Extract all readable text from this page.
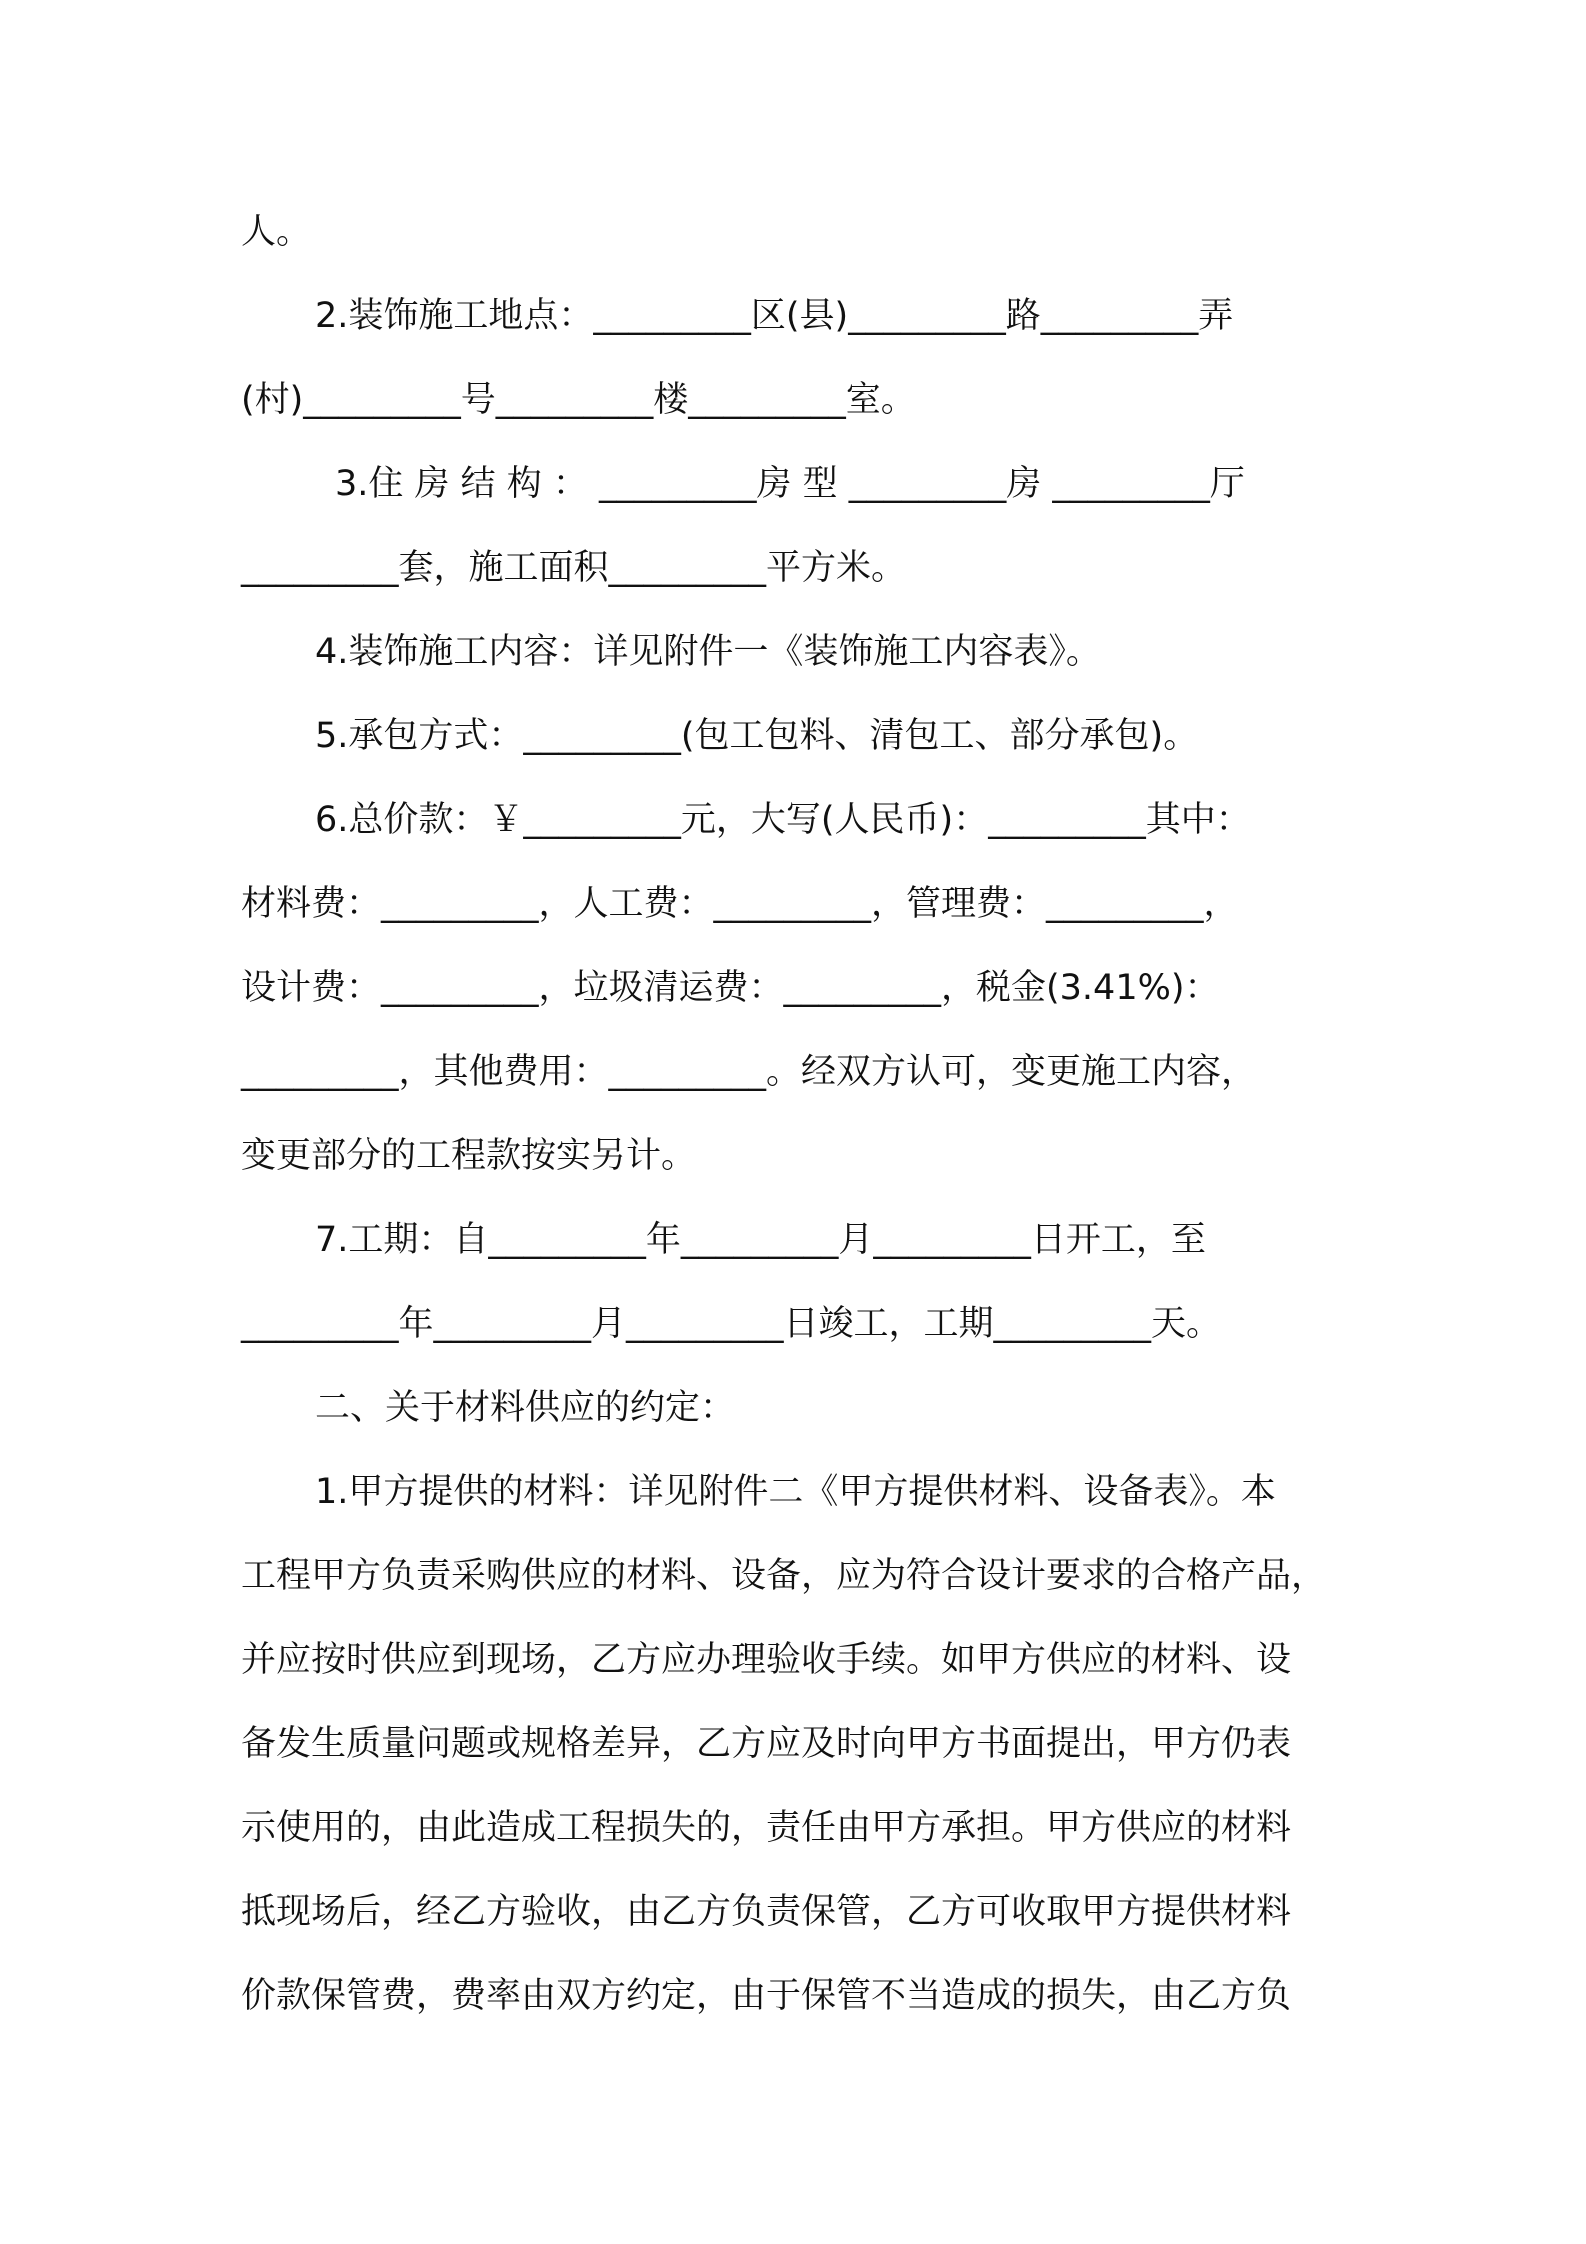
人。
2.装饰施工地点：_________区(县)_________路_________弄
(村)_________号_________楼_________室。
3.住 房 结 构 ： _________房 型 _________房 _________厅
_________套，施工面积_________平方米。
4.装饰施工内容：详见附件一《装饰施工内容表》。
5.承包方式：_________(包工包料、清包工、部分承包)。
6.总价款：￥_________元，大写(人民币)：_________其中：
材料费：_________，人工费：_________，管理费：_________，
设计费：_________，垃圾清运费：_________，税金(3.41%)：
_________，其他费用：_________。经双方认可，变更施工内容，
变更部分的工程款按实另计。
7.工期：自_________年_________月_________日开工，至
_________年_________月_________日竣工，工期_________天。
二、关于材料供应的约定：
1.甲方提供的材料：详见附件二《甲方提供材料、设备表》。本
工程甲方负责采购供应的材料、设备，应为符合设计要求的合格产品，
并应按时供应到现场，乙方应办理验收手续。如甲方供应的材料、设
备发生质量问题或规格差异，乙方应及时向甲方书面提出，甲方仍表
示使用的，由此造成工程损失的，责任由甲方承担。甲方供应的材料
抵现场后，经乙方验收，由乙方负责保管，乙方可收取甲方提供材料
价款保管费，费率由双方约定，由于保管不当造成的损失，由乙方负
